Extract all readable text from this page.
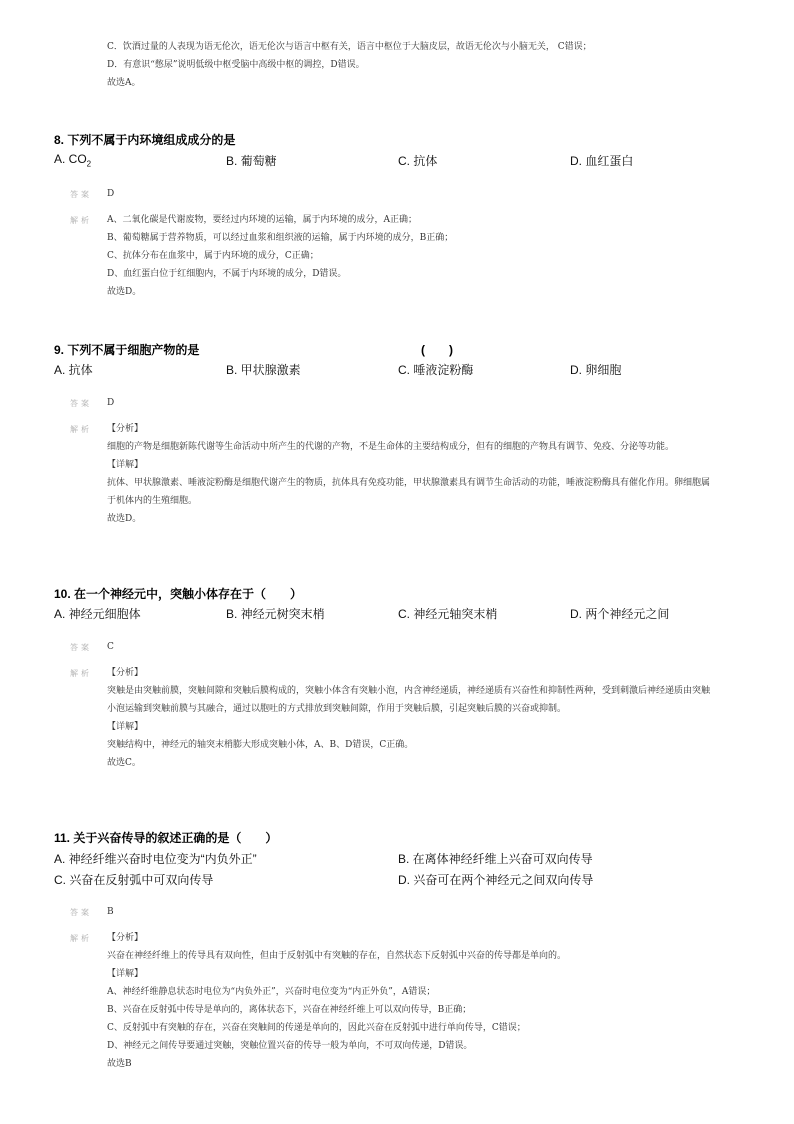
C．饮酒过量的人表现为语无伦次，语无伦次与语言中枢有关，语言中枢位于大脑皮层，故语无伦次与小脑无关， C错误；

D．有意识“憋尿”说明低级中枢受脑中高级中枢的调控，D错误。

故选A。

8. 下列不属于内环境组成成分的是
A. $CO_2$	B. 葡萄糖	C. 抗体	D. 血红蛋白
答案 D
解析 A、二氧化碳是代谢废物，要经过内环境的运输，属于内环境的成分，A正确；

B、葡萄糖属于营养物质，可以经过血浆和组织液的运输，属于内环境的成分，B正确；

C、抗体分布在血浆中，属于内环境的成分，C正确；

D、血红蛋白位于红细胞内，不属于内环境的成分，D错误。

故选D。

9. 下列不属于细胞产物的是	(　　)
A. 抗体	B. 甲状腺激素	C. 唾液淀粉酶	D. 卵细胞
答案 D
解析 【分析】

细胞的产物是细胞新陈代谢等生命活动中所产生的代谢的产物，不是生命体的主要结构成分，但有的细胞的产物具有调节、免疫、分泌等功能。

【详解】

抗体、甲状腺激素、唾液淀粉酶是细胞代谢产生的物质，抗体具有免疫功能，甲状腺激素具有调节生命活动的功能，唾液淀粉酶具有催化作用。卵细胞属于机体内的生殖细胞。

故选D。

10. 在一个神经元中，突触小体存在于（　　）
A. 神经元细胞体	B. 神经元树突末梢	C. 神经元轴突末梢	D. 两个神经元之间
答案 C
解析 【分析】

突触是由突触前膜，突触间隙和突触后膜构成的，突触小体含有突触小泡，内含神经递质，神经递质有兴奋性和抑制性两种，受到刺激后神经递质由突触小泡运输到突触前膜与其融合，通过以胞吐的方式排放到突触间隙，作用于突触后膜，引起突触后膜的兴奋或抑制。

【详解】

突触结构中，神经元的轴突末梢膨大形成突触小体，A、B、D错误，C正确。

故选C。

11. 关于兴奋传导的叙述正确的是（　　）
A. 神经纤维兴奋时电位变为“内负外正”	B. 在离体神经纤维上兴奋可双向传导
C. 兴奋在反射弧中可双向传导	D. 兴奋可在两个神经元之间双向传导
答案 B
解析 【分析】

兴奋在神经纤维上的传导具有双向性，但由于反射弧中有突触的存在，自然状态下反射弧中兴奋的传导都是单向的。

【详解】

A、神经纤维静息状态时电位为“内负外正”，兴奋时电位变为“内正外负”，A错误；

B、兴奋在反射弧中传导是单向的，离体状态下，兴奋在神经纤维上可以双向传导，B正确；

C、反射弧中有突触的存在，兴奋在突触间的传递是单向的，因此兴奋在反射弧中进行单向传导，C错误；

D、神经元之间传导要通过突触，突触位置兴奋的传导一般为单向，不可双向传递，D错误。

故选B
